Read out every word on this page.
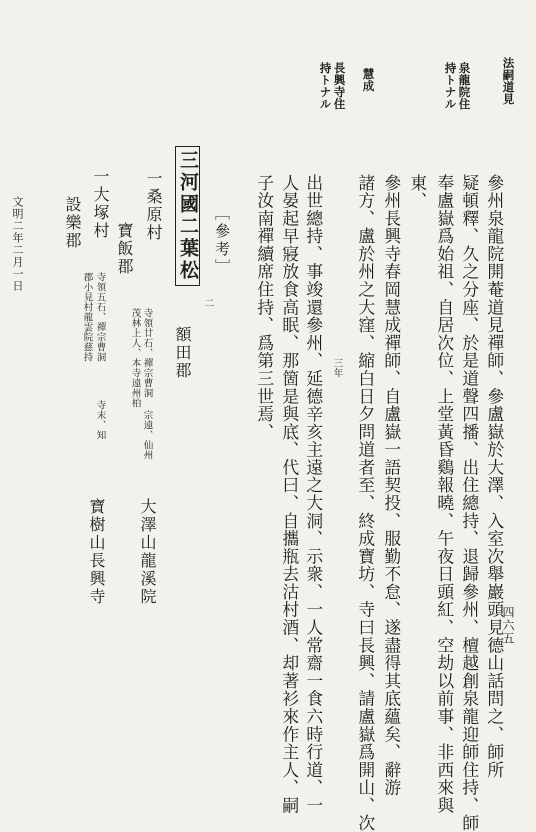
法嗣道見
泉龍院住
持トナル
慧成
長興寺住
持トナル
參州泉龍院開菴道見禪師、參盧嶽於大澤、入室次舉巖頭見德山話問之、師所
疑頓釋、久之分座、於是道聲四播、出住總持、退歸參州、檀越創泉龍迎師住持、師
奉盧嶽爲始祖、自居次位、上堂黃昏鷄報曉、午夜日頭紅、空劫以前事、非西來與
東、
參州長興寺春岡慧成禪師、自盧嶽一語契投、服勤不怠、遂盡得其底蘊矣、辭游
諸方、盧於州之大窪、縮白日夕問道者至、終成寶坊、寺曰長興、請盧嶽爲開山、次
三年
出世總持、事竣還參州、延德辛亥主遠之大洞、示衆、一人常齋一食六時行道、一
人晏起早寢放食高眠、那箇是與底、代曰、自攜瓶去沽村酒、却著衫來作主人、嗣
子汝南禪續席住持、爲第三世焉、
［參考］
三河國二葉松
二
額田郡
一桑原村
寺領廿石、禪宗曹洞
茂林上人、本寺遠州柏
宗遠、仙州
大澤山龍溪院
寶飯郡
一大塚村
寺領五石、禪宗曹洞
郡小見村龍雲院慈持
寺末、知
寶樹山長興寺
設樂郡
文明二年二月一日
四六五
